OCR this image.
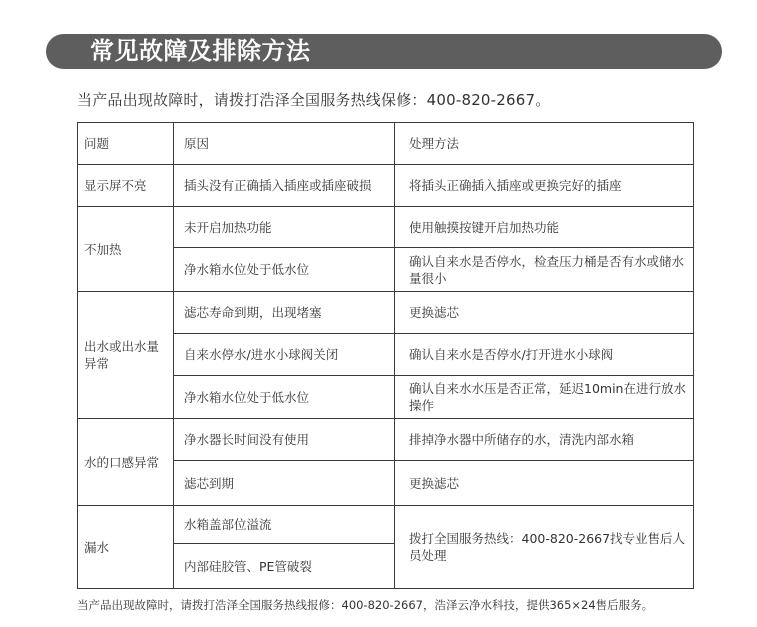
常见故障及排除方法
当产品出现故障时，请拨打浩泽全国服务热线保修：400-820-2667。
问题	原因	处理方法
显示屏不亮	插头没有正确插入插座或插座破损	将插头正确插入插座或更换完好的插座
不加热	未开启加热功能	使用触摸按键开启加热功能
	净水箱水位处于低水位	确认自来水是否停水，检查压力桶是否有水或储水量很小
出水或出水量异常	滤芯寿命到期，出现堵塞	更换滤芯
	自来水停水/进水小球阀关闭	确认自来水是否停水/打开进水小球阀
	净水箱水位处于低水位	确认自来水水压是否正常，延迟10min在进行放水操作
水的口感异常	净水器长时间没有使用	排掉净水器中所储存的水，清洗内部水箱
	滤芯到期	更换滤芯
漏水	水箱盖部位溢流	拨打全国服务热线：400-820-2667找专业售后人员处理
	内部硅胶管、PE管破裂	
当产品出现故障时，请拨打浩泽全国服务热线报修：400-820-2667，浩泽云净水科技，提供365×24售后服务。
